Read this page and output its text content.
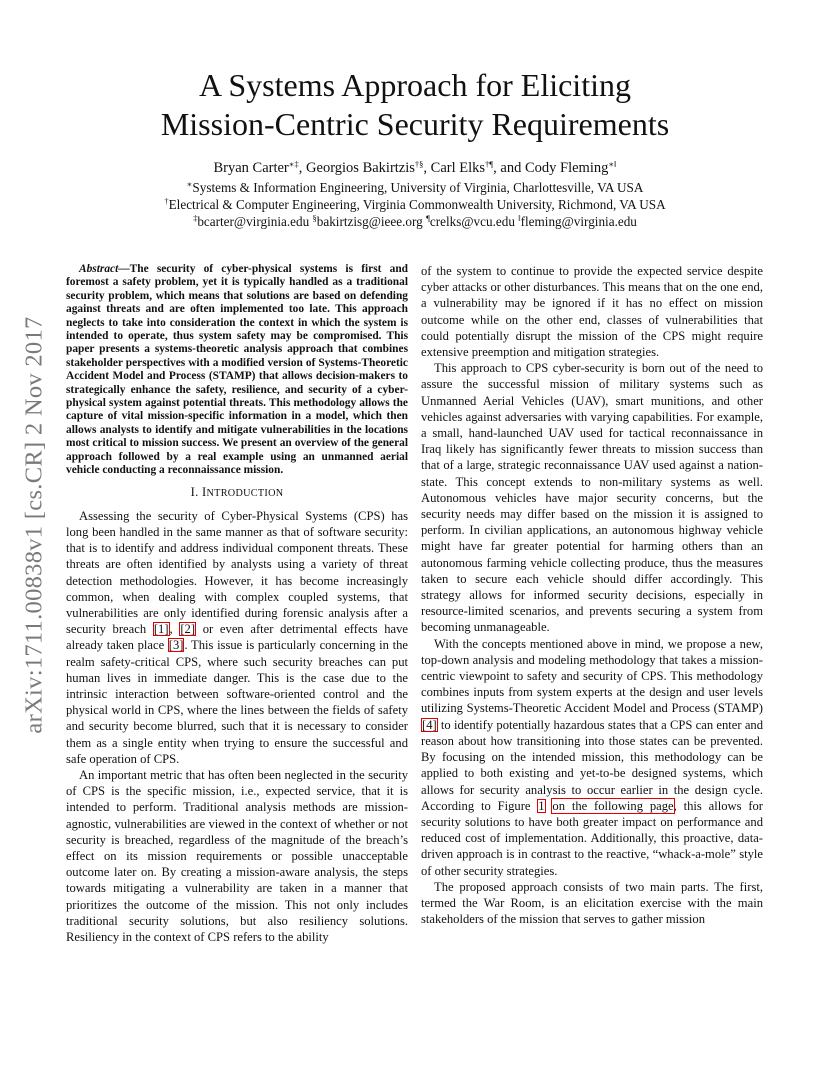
arXiv:1711.00838v1 [cs.CR] 2 Nov 2017
A Systems Approach for Eliciting
Mission-Centric Security Requirements
Bryan Carter∗‡, Georgios Bakirtzis†§, Carl Elks†¶, and Cody Fleming∗‖
∗Systems & Information Engineering, University of Virginia, Charlottesville, VA USA
†Electrical & Computer Engineering, Virginia Commonwealth University, Richmond, VA USA
‡bcarter@virginia.edu §bakirtzisg@ieee.org ¶crelks@vcu.edu ‖fleming@virginia.edu

Abstract—The security of cyber-physical systems is first and foremost a safety problem, yet it is typically handled as a traditional security problem, which means that solutions are based on defending against threats and are often implemented too late. This approach neglects to take into consideration the context in which the system is intended to operate, thus system safety may be compromised. This paper presents a systems-theoretic analysis approach that combines stakeholder perspectives with a modified version of Systems-Theoretic Accident Model and Process (STAMP) that allows decision-makers to strategically enhance the safety, resilience, and security of a cyber-physical system against potential threats. This methodology allows the capture of vital mission-specific information in a model, which then allows analysts to identify and mitigate vulnerabilities in the locations most critical to mission success. We present an overview of the general approach followed by a real example using an unmanned aerial vehicle conducting a reconnaissance mission.

I. INTRODUCTION

Assessing the security of Cyber-Physical Systems (CPS) has long been handled in the same manner as that of software security: that is to identify and address individual component threats. These threats are often identified by analysts using a variety of threat detection methodologies. However, it has become increasingly common, when dealing with complex coupled systems, that vulnerabilities are only identified during forensic analysis after a security breach [1], [2] or even after detrimental effects have already taken place [3]. This issue is particularly concerning in the realm safety-critical CPS, where such security breaches can put human lives in immediate danger. This is the case due to the intrinsic interaction between software-oriented control and the physical world in CPS, where the lines between the fields of safety and security become blurred, such that it is necessary to consider them as a single entity when trying to ensure the successful and safe operation of CPS.

An important metric that has often been neglected in the security of CPS is the specific mission, i.e., expected service, that it is intended to perform. Traditional analysis methods are mission-agnostic, vulnerabilities are viewed in the context of whether or not security is breached, regardless of the magnitude of the breach’s effect on its mission requirements or possible unacceptable outcome later on. By creating a mission-aware analysis, the steps towards mitigating a vulnerability are taken in a manner that prioritizes the outcome of the mission. This not only includes traditional security solutions, but also resiliency solutions. Resiliency in the context of CPS refers to the ability

of the system to continue to provide the expected service despite cyber attacks or other disturbances. This means that on the one end, a vulnerability may be ignored if it has no effect on mission outcome while on the other end, classes of vulnerabilities that could potentially disrupt the mission of the CPS might require extensive preemption and mitigation strategies.

This approach to CPS cyber-security is born out of the need to assure the successful mission of military systems such as Unmanned Aerial Vehicles (UAV), smart munitions, and other vehicles against adversaries with varying capabilities. For example, a small, hand-launched UAV used for tactical reconnaissance in Iraq likely has significantly fewer threats to mission success than that of a large, strategic reconnaissance UAV used against a nation-state. This concept extends to non-military systems as well. Autonomous vehicles have major security concerns, but the security needs may differ based on the mission it is assigned to perform. In civilian applications, an autonomous highway vehicle might have far greater potential for harming others than an autonomous farming vehicle collecting produce, thus the measures taken to secure each vehicle should differ accordingly. This strategy allows for informed security decisions, especially in resource-limited scenarios, and prevents securing a system from becoming unmanageable.

With the concepts mentioned above in mind, we propose a new, top-down analysis and modeling methodology that takes a mission-centric viewpoint to safety and security of CPS. This methodology combines inputs from system experts at the design and user levels utilizing Systems-Theoretic Accident Model and Process (STAMP) [4] to identify potentially hazardous states that a CPS can enter and reason about how transitioning into those states can be prevented. By focusing on the intended mission, this methodology can be applied to both existing and yet-to-be designed systems, which allows for security analysis to occur earlier in the design cycle. According to Figure 1 on the following page, this allows for security solutions to have both greater impact on performance and reduced cost of implementation. Additionally, this proactive, data-driven approach is in contrast to the reactive, “whack-a-mole” style of other security strategies.

The proposed approach consists of two main parts. The first, termed the War Room, is an elicitation exercise with the main stakeholders of the mission that serves to gather mission
